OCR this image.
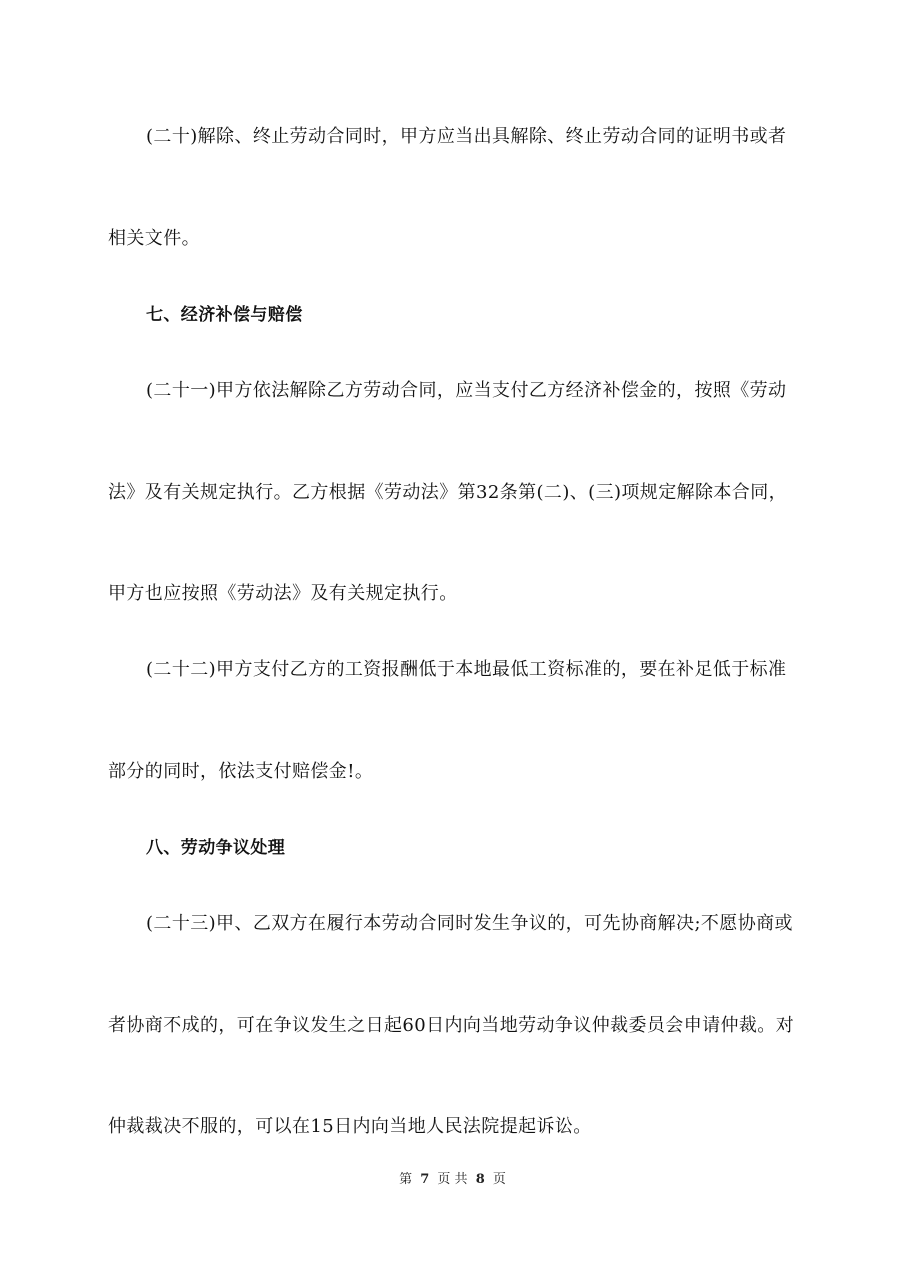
(二十)解除、终止劳动合同时，甲方应当出具解除、终止劳动合同的证明书或者

相关文件。

七、经济补偿与赔偿

(二十一)甲方依法解除乙方劳动合同，应当支付乙方经济补偿金的，按照《劳动

法》及有关规定执行。乙方根据《劳动法》第32条第(二)、(三)项规定解除本合同，

甲方也应按照《劳动法》及有关规定执行。

(二十二)甲方支付乙方的工资报酬低于本地最低工资标准的，要在补足低于标准

部分的同时，依法支付赔偿金!。

八、劳动争议处理

(二十三)甲、乙双方在履行本劳动合同时发生争议的，可先协商解决;不愿协商或

者协商不成的，可在争议发生之日起60日内向当地劳动争议仲裁委员会申请仲裁。对

仲裁裁决不服的，可以在15日内向当地人民法院提起诉讼。

第 7 页 共 8 页
